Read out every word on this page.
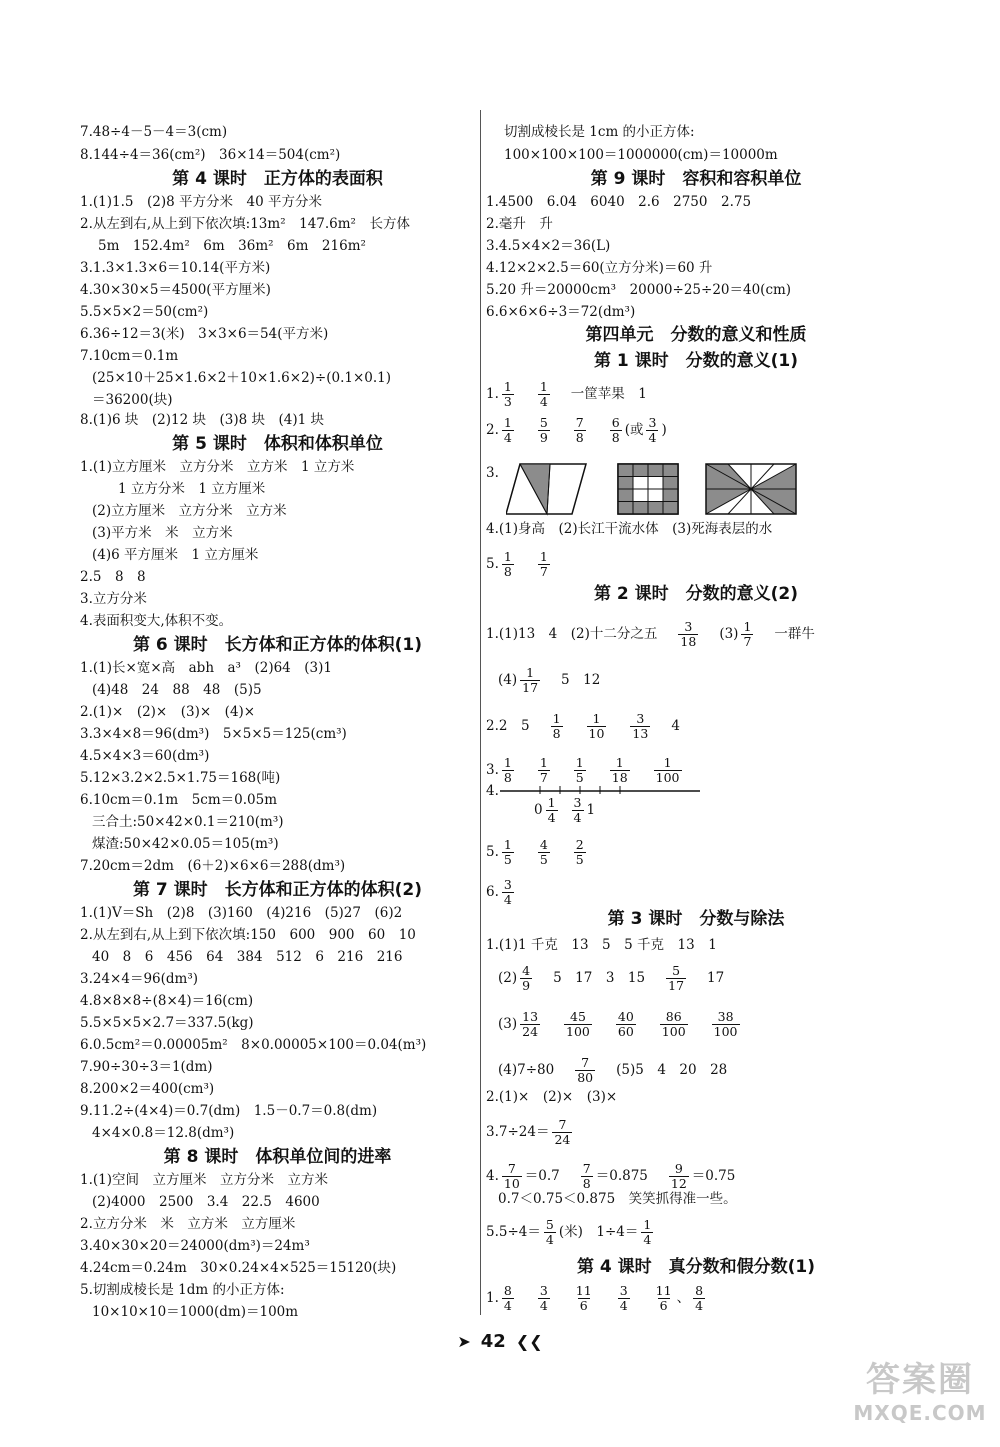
7.48÷4－5－4＝3(cm)
8.144÷4＝36(cm²)　36×14＝504(cm²)
第 4 课时　正方体的表面积
1.(1)1.5　(2)8 平方分米　40 平方分米
2.从左到右,从上到下依次填:13m²　147.6m²　长方体
5m　152.4m²　6m　36m²　6m　216m²
3.1.3×1.3×6＝10.14(平方米)
4.30×30×5＝4500(平方厘米)
5.5×5×2＝50(cm²)
6.36÷12＝3(米)　3×3×6＝54(平方米)
7.10cm＝0.1m
(25×10＋25×1.6×2＋10×1.6×2)÷(0.1×0.1)
＝36200(块)
8.(1)6 块　(2)12 块　(3)8 块　(4)1 块
第 5 课时　体积和体积单位
1.(1)立方厘米　立方分米　立方米　1 立方米
1 立方分米　1 立方厘米
(2)立方厘米　立方分米　立方米
(3)平方米　米　立方米
(4)6 平方厘米　1 立方厘米
2.5　8　8
3.立方分米
4.表面积变大,体积不变。
第 6 课时　长方体和正方体的体积(1)
1.(1)长×宽×高　abh　a³　(2)64　(3)1
(4)48　24　88　48　(5)5
2.(1)×　(2)×　(3)×　(4)×
3.3×4×8＝96(dm³)　5×5×5＝125(cm³)
4.5×4×3＝60(dm³)
5.12×3.2×2.5×1.75＝168(吨)
6.10cm＝0.1m　5cm＝0.05m
三合土:50×42×0.1＝210(m³)
煤渣:50×42×0.05＝105(m³)
7.20cm＝2dm　(6＋2)×6×6＝288(dm³)
第 7 课时　长方体和正方体的体积(2)
1.(1)V＝Sh　(2)8　(3)160　(4)216　(5)27　(6)2
2.从左到右,从上到下依次填:150　600　900　60　10
40　8　6　456　64　384　512　6　216　216
3.24×4＝96(dm³)
4.8×8×8÷(8×4)＝16(cm)
5.5×5×5×2.7＝337.5(kg)
6.0.5cm²＝0.00005m²　8×0.00005×100＝0.04(m³)
7.90÷30÷3＝1(dm)
8.200×2＝400(cm³)
9.11.2÷(4×4)＝0.7(dm)　1.5－0.7＝0.8(dm)
4×4×0.8＝12.8(dm³)
第 8 课时　体积单位间的进率
1.(1)空间　立方厘米　立方分米　立方米
(2)4000　2500　3.4　22.5　4600
2.立方分米　米　立方米　立方厘米
3.40×30×20＝24000(dm³)＝24m³
4.24cm＝0.24m　30×0.24×4×525＝15120(块)
5.切割成棱长是 1dm 的小正方体:
10×10×10＝1000(dm)＝100m
切割成棱长是 1cm 的小正方体:
100×100×100＝1000000(cm)＝10000m
第 9 课时　容积和容积单位
1.4500　6.04　6040　2.6　2750　2.75
2.毫升　升
3.4.5×4×2＝36(L)
4.12×2×2.5＝60(立方分米)＝60 升
5.20 升＝20000cm³　20000÷25÷20＝40(cm)
6.6×6×6÷3＝72(dm³)
第四单元　分数的意义和性质
第 1 课时　分数的意义(1)
1. $\frac{1}{3} \frac{1}{4}$ 一筐苹果　1
2. $\frac{1}{4} \frac{5}{9} \frac{7}{8} \frac{6}{8}$ (或 $\frac{3}{4}$ )
3.
4.(1)身高　(2)长江干流水体　(3)死海表层的水
5. $\frac{1}{8} \frac{1}{7}$
第 2 课时　分数的意义(2)
1.(1)13　4　(2)十二分之五 $\frac{3}{18} (3) \frac{1}{7}$ 一群牛
$(4) \frac{1}{17} 5$　12
2.2　$5 \frac{1}{8} \frac{1}{10} \frac{3}{13} 4$
3. $\frac{1}{8} \frac{1}{7} \frac{1}{5} \frac{1}{18} \frac{1}{100}$
4.
$0 \frac{1}{4} \frac{3}{4} 1$
5. $\frac{1}{5} \frac{4}{5} \frac{2}{5}$
6. $\frac{3}{4}$
第 3 课时　分数与除法
1.(1)1 千克　13　5　5 千克　13　1
$(2) \frac{4}{9} 5$　17　3　$15 \frac{5}{17} 17$
$(3) \frac{13}{24} \frac{45}{100} \frac{40}{60} \frac{86}{100} \frac{38}{100}$
$(4)7\div 80 \frac{7}{80} (5)5$　4　20　28
2.(1)×　(2)×　(3)×
$3.7\div 24= \frac{7}{24}$
4. $\frac{7}{10} =0.7 \frac{7}{8} =0.875 \frac{9}{12} =0.75$
0.7＜0.75＜0.875　笑笑抓得准一些。
$5.5\div 4= \frac{5}{4}$ (米)　$1\div 4= \frac{1}{4}$
第 4 课时　真分数和假分数(1)
1. $\frac{8}{4} \frac{3}{4} \frac{11}{6} \frac{3}{4} \frac{11}{6}$ 、 $\frac{8}{4}$
➤ 42 ❮❮
答案圈
MXQE.COM
